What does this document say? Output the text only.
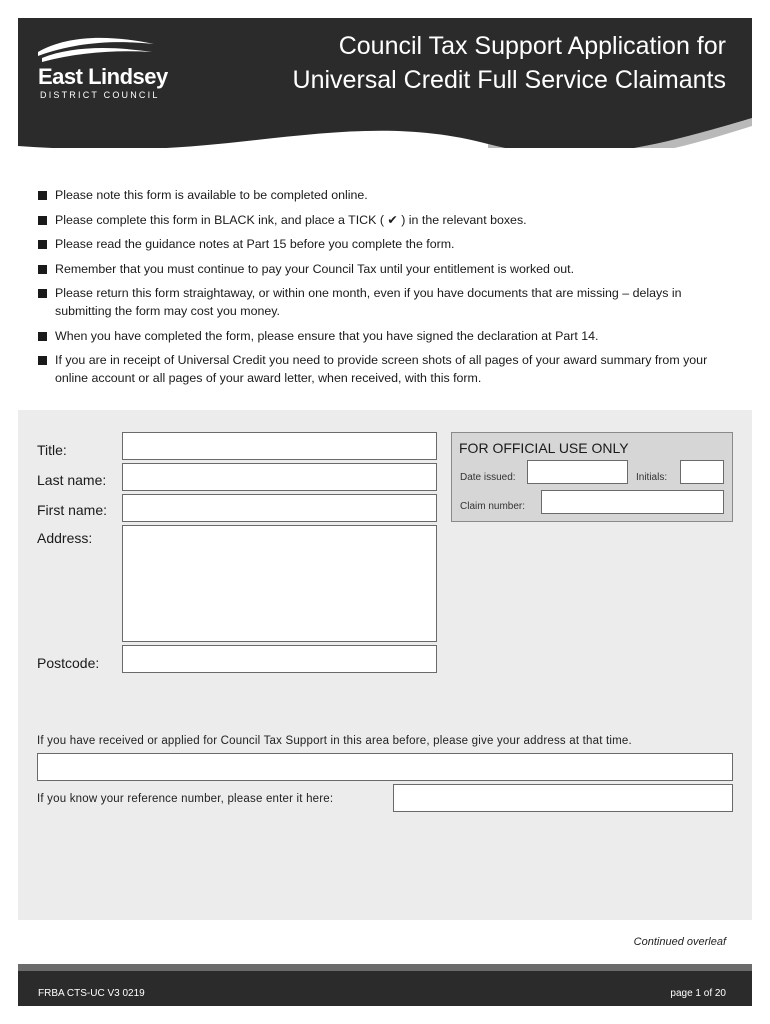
East Lindsey
DISTRICT COUNCIL
Council Tax Support Application for
Universal Credit Full Service Claimants
Please note this form is available to be completed online.
Please complete this form in BLACK ink, and place a TICK ( ✔ ) in the relevant boxes.
Please read the guidance notes at Part 15 before you complete the form.
Remember that you must continue to pay your Council Tax until your entitlement is worked out.
Please return this form straightaway, or within one month, even if you have documents that are missing – delays in submitting the form may cost you money.
When you have completed the form, please ensure that you have signed the declaration at Part 14.
If you are in receipt of Universal Credit you need to provide screen shots of all pages of your award summary from your online account or all pages of your award letter, when received, with this form.
Title:
Last name:
First name:
Address:
Postcode:
FOR OFFICIAL USE ONLY
Date issued:	Initials:
Claim number:
If you have received or applied for Council Tax Support in this area before, please give your address at that time.
If you know your reference number, please enter it here:
Continued overleaf
FRBA CTS-UC V3 0219	page 1 of 20
